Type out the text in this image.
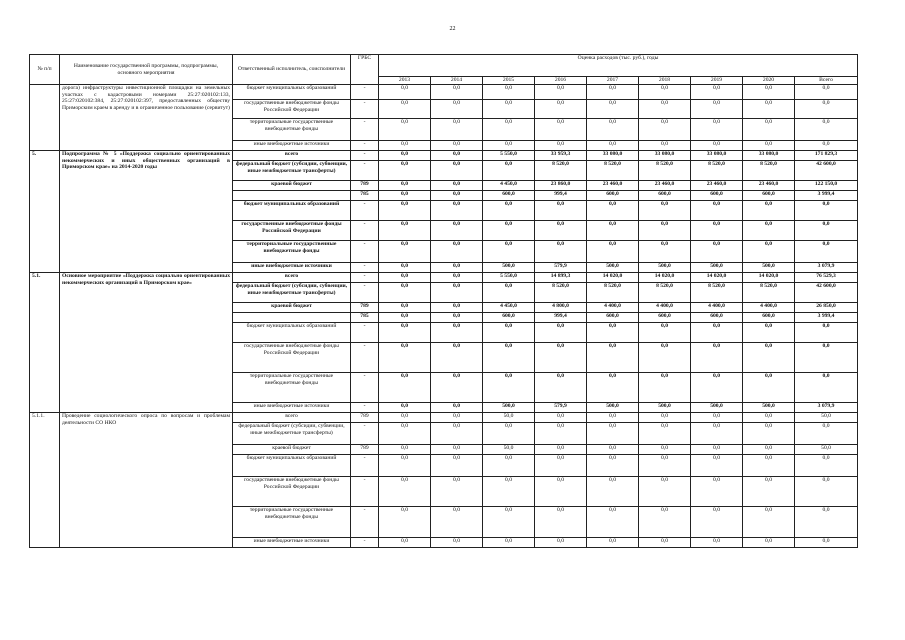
22
№ п/п	Наименование государственной программы, подпрограммы, основного мероприятия	Ответственный исполнитель, соисполнители	ГРБС	Оценка расходов (тыс. руб.), годы								
				2013	2014	2015	2016	2017	2018	2019	2020	Всего
	дорога) инфраструктуры инвестиционной площадки на земельных участках с кадастровыми номерами 25:27:020102:133, 25:27:020102:384, 25:27:020102:397, предоставленных обществу Приморским краем в аренду и в ограниченное пользование (сервитут)	бюджет муниципальных образований	-	0,0	0,0	0,0	0,0	0,0	0,0	0,0	0,0	0,0
		государственные внебюджетные фонды Российской Федерации	-	0,0	0,0	0,0	0,0	0,0	0,0	0,0	0,0	0,0
		территориальные государственные внебюджетные фонды	-	0,0	0,0	0,0	0,0	0,0	0,0	0,0	0,0	0,0
		иные внебюджетные источники	-	0,0	0,0	0,0	0,0	0,0	0,0	0,0	0,0	0,0
5.	Подпрограмма № 5 «Поддержка социально ориентированных некоммерческих и иных общественных организаций в Приморском крае» на 2014-2020 годы	всего	-	0,0	0,0	5 550,0	33 959,3	33 080,0	33 080,0	33 080,0	33 080,0	171 829,3
		федеральный бюджет (субсидии, субвенции, иные межбюджетные трансферты)	-	0,0	0,0	0,0	8 520,0	8 520,0	8 520,0	8 520,0	8 520,0	42 600,0
		краевой бюджет	789	0,0	0,0	4 450,0	23 860,0	23 460,0	23 460,0	23 460,0	23 460,0	122 150,0
			785	0,0	0,0	600,0	999,4	600,0	600,0	600,0	600,0	3 999,4
		бюджет муниципальных образований	-	0,0	0,0	0,0	0,0	0,0	0,0	0,0	0,0	0,0
		государственные внебюджетные фонды Российской Федерации	-	0,0	0,0	0,0	0,0	0,0	0,0	0,0	0,0	0,0
		территориальные государственные внебюджетные фонды	-	0,0	0,0	0,0	0,0	0,0	0,0	0,0	0,0	0,0
		иные внебюджетные источники	-	0,0	0,0	500,0	579,9	500,0	500,0	500,0	500,0	3 079,9
5.1.	Основное мероприятие «Поддержка социально ориентированных некоммерческих организаций в Приморском крае»	всего	-	0,0	0,0	5 550,0	14 899,3	14 020,0	14 020,0	14 020,0	14 020,0	76 529,3
		федеральный бюджет (субсидии, субвенции, иные межбюджетные трансферты)	-	0,0	0,0	0,0	8 520,0	8 520,0	8 520,0	8 520,0	8 520,0	42 600,0
		краевой бюджет	789	0,0	0,0	4 450,0	4 800,0	4 400,0	4 400,0	4 400,0	4 400,0	26 850,0
			785	0,0	0,0	600,0	999,4	600,0	600,0	600,0	600,0	3 999,4
		бюджет муниципальных образований	-	0,0	0,0	0,0	0,0	0,0	0,0	0,0	0,0	0,0
		государственные внебюджетные фонды Российской Федерации	-	0,0	0,0	0,0	0,0	0,0	0,0	0,0	0,0	0,0
		территориальные государственные внебюджетные фонды	-	0,0	0,0	0,0	0,0	0,0	0,0	0,0	0,0	0,0
		иные внебюджетные источники	-	0,0	0,0	500,0	579,9	500,0	500,0	500,0	500,0	3 079,9
5.1.1.	Проведение социологического опроса по вопросам и проблемам деятельности СО НКО	всего	789	0,0	0,0	50,0	0,0	0,0	0,0	0,0	0,0	50,0
		федеральный бюджет (субсидии, субвенции, иные межбюджетные трансферты)	-	0,0	0,0	0,0	0,0	0,0	0,0	0,0	0,0	0,0
		краевой бюджет	789	0,0	0,0	50,0	0,0	0,0	0,0	0,0	0,0	50,0
		бюджет муниципальных образований	-	0,0	0,0	0,0	0,0	0,0	0,0	0,0	0,0	0,0
		государственные внебюджетные фонды Российской Федерации	-	0,0	0,0	0,0	0,0	0,0	0,0	0,0	0,0	0,0
		территориальные государственные внебюджетные фонды	-	0,0	0,0	0,0	0,0	0,0	0,0	0,0	0,0	0,0
		иные внебюджетные источники	-	0,0	0,0	0,0	0,0	0,0	0,0	0,0	0,0	0,0
